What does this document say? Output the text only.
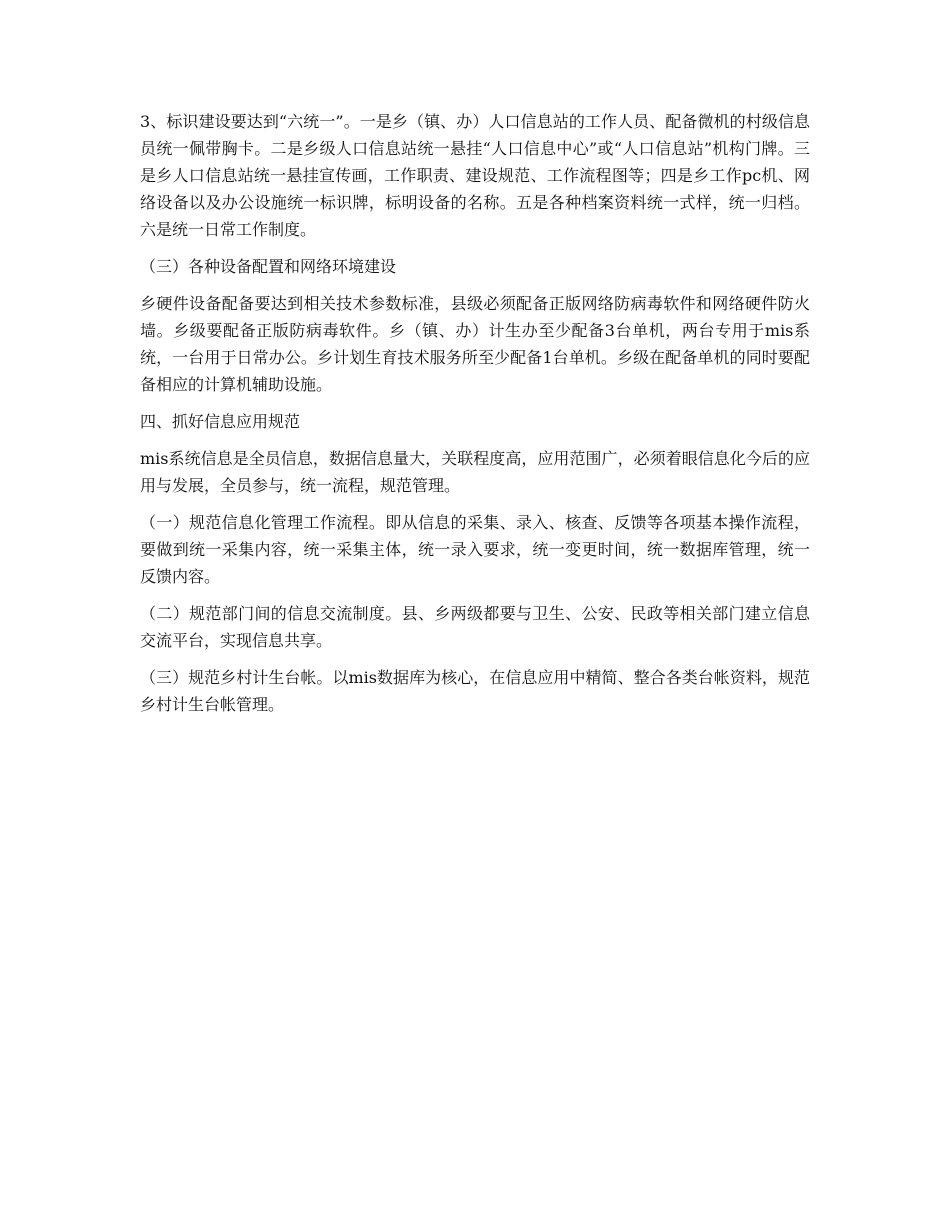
3、标识建设要达到“六统一”。一是乡（镇、办）人口信息站的工作人员、配备微机的村级信息员统一佩带胸卡。二是乡级人口信息站统一悬挂“人口信息中心”或“人口信息站”机构门牌。三是乡人口信息站统一悬挂宣传画，工作职责、建设规范、工作流程图等；四是乡工作pc机、网络设备以及办公设施统一标识牌，标明设备的名称。五是各种档案资料统一式样，统一归档。六是统一日常工作制度。

（三）各种设备配置和网络环境建设

乡硬件设备配备要达到相关技术参数标准，县级必须配备正版网络防病毒软件和网络硬件防火墙。乡级要配备正版防病毒软件。乡（镇、办）计生办至少配备3台单机，两台专用于mis系统，一台用于日常办公。乡计划生育技术服务所至少配备1台单机。乡级在配备单机的同时要配备相应的计算机辅助设施。

四、抓好信息应用规范

mis系统信息是全员信息，数据信息量大，关联程度高，应用范围广，必须着眼信息化今后的应用与发展，全员参与，统一流程，规范管理。

（一）规范信息化管理工作流程。即从信息的采集、录入、核查、反馈等各项基本操作流程，要做到统一采集内容，统一采集主体，统一录入要求，统一变更时间，统一数据库管理，统一反馈内容。

（二）规范部门间的信息交流制度。县、乡两级都要与卫生、公安、民政等相关部门建立信息交流平台，实现信息共享。

（三）规范乡村计生台帐。以mis数据库为核心，在信息应用中精简、整合各类台帐资料，规范乡村计生台帐管理。
